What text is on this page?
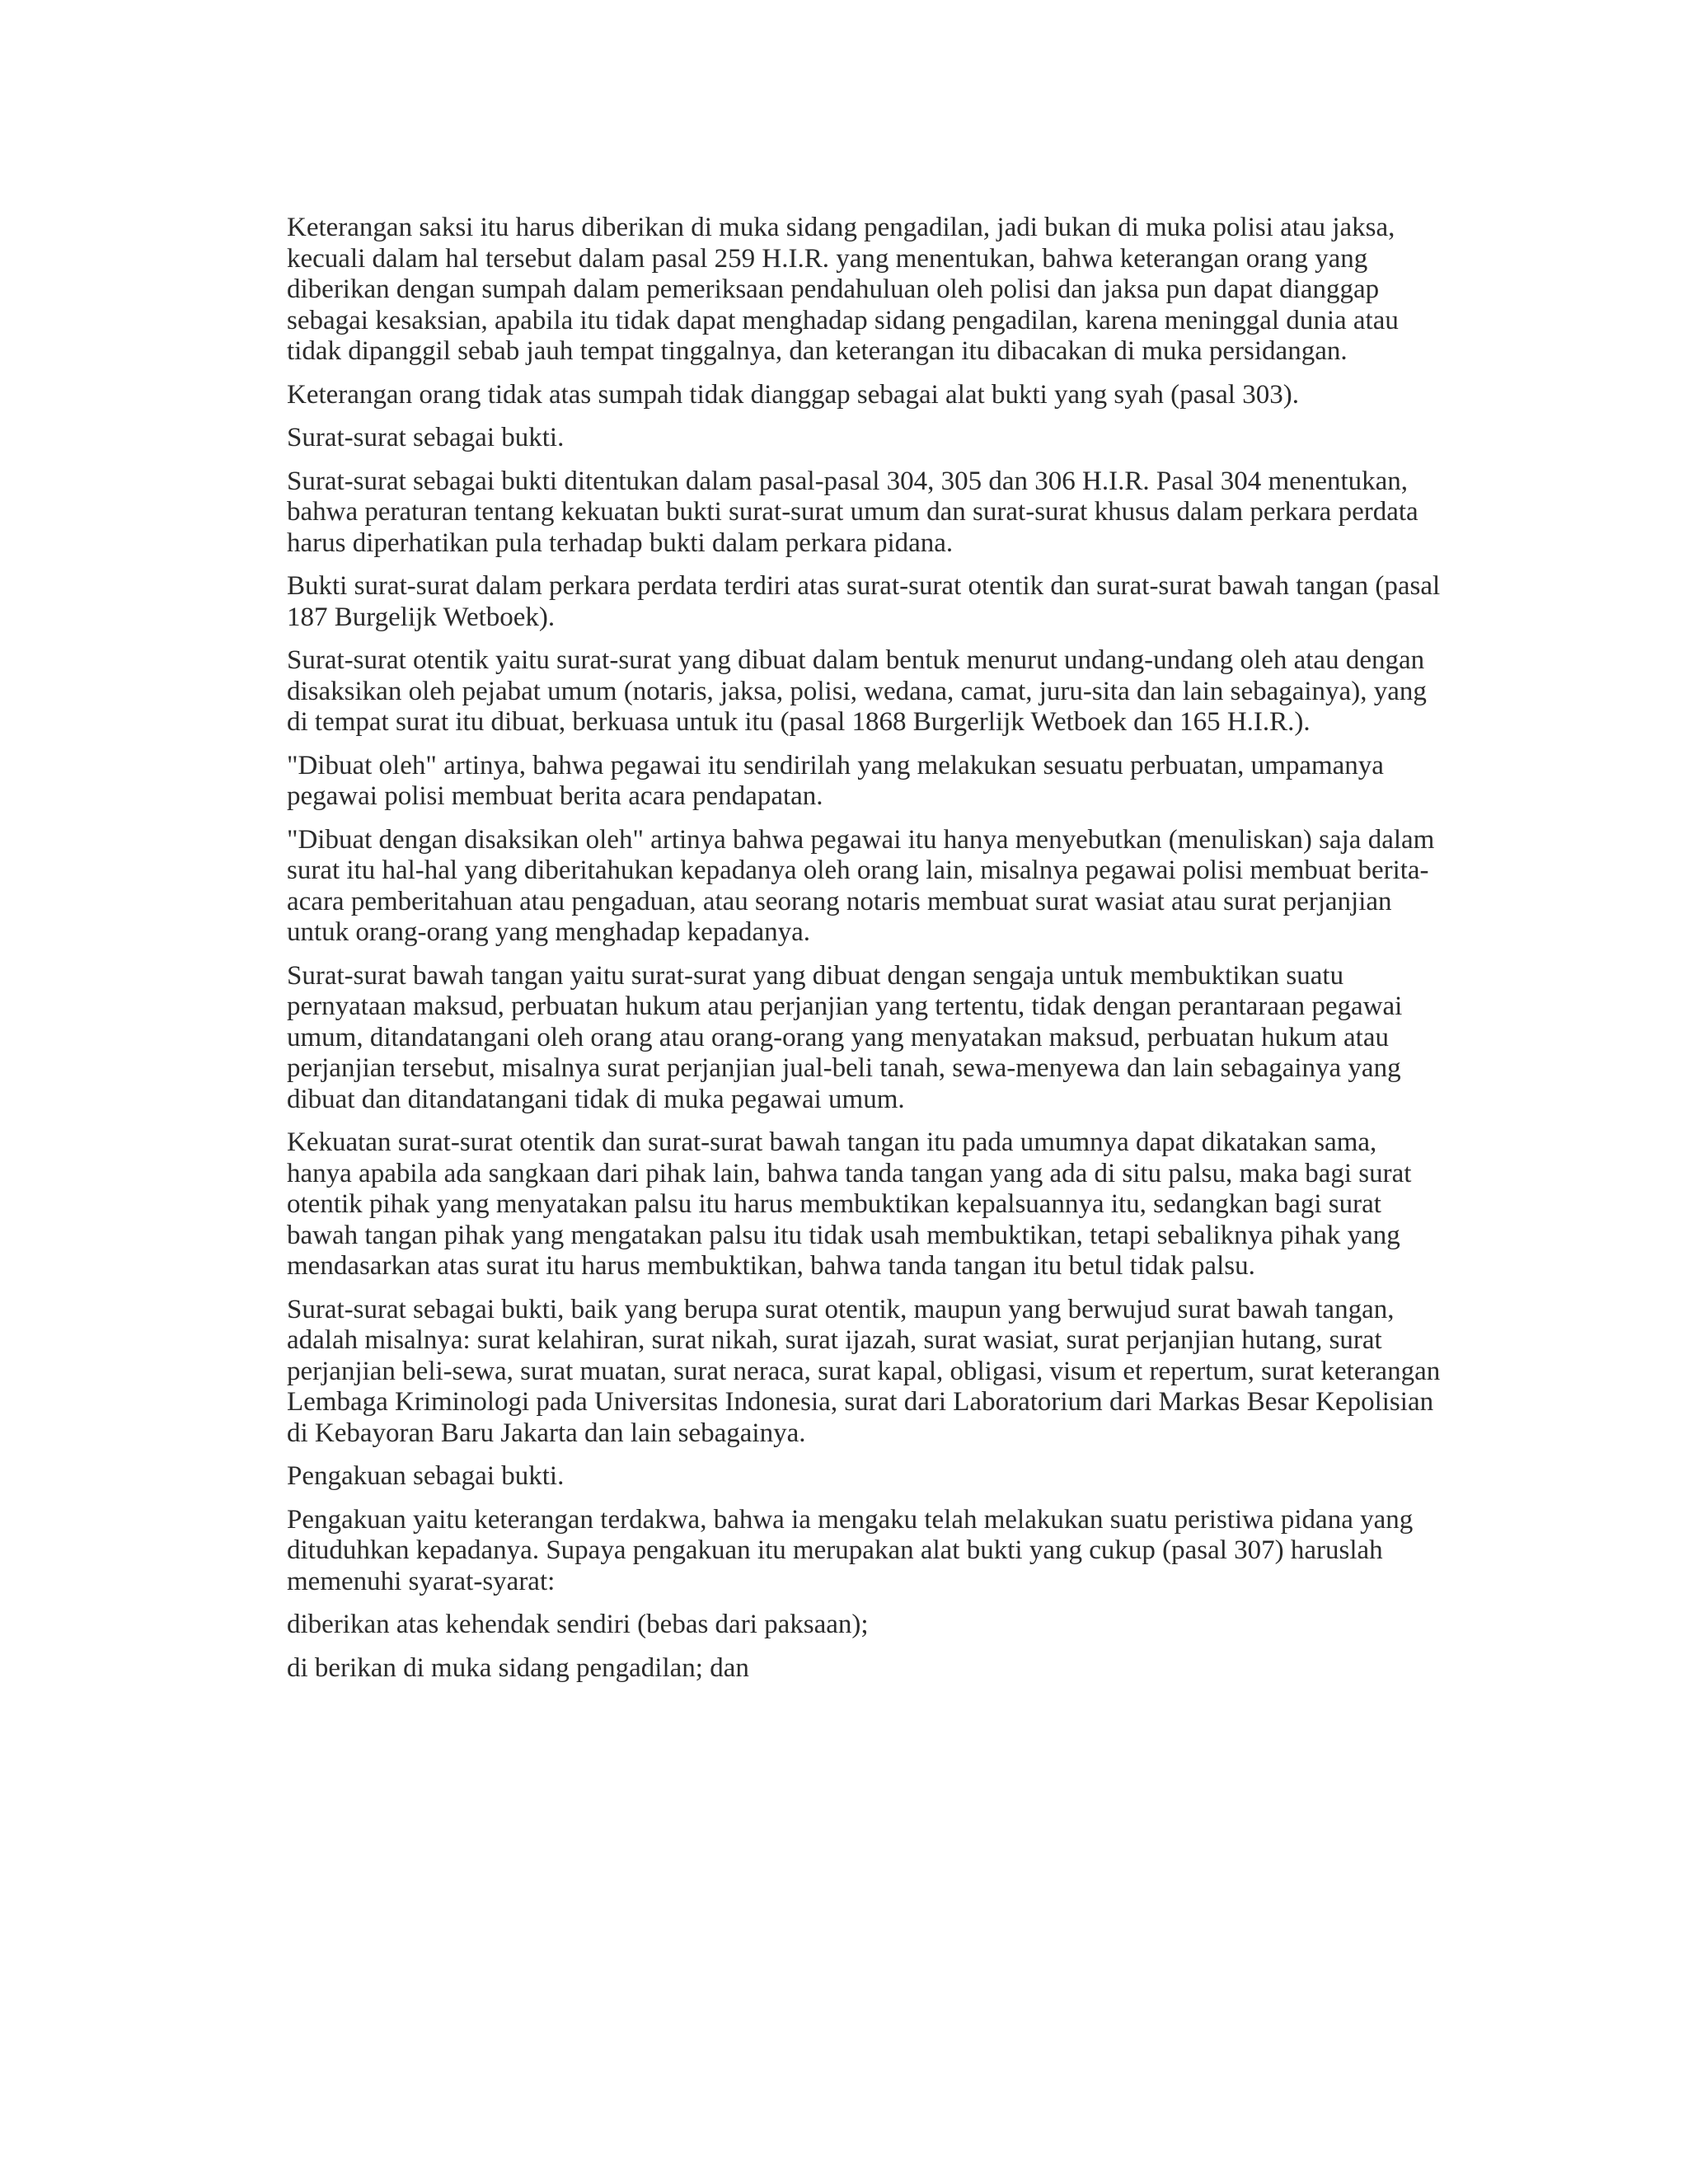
Keterangan saksi itu harus diberikan di muka sidang pengadilan, jadi bukan di muka polisi atau jaksa, kecuali dalam hal tersebut dalam pasal 259 H.I.R. yang menentukan, bahwa keterangan orang yang diberikan dengan sumpah dalam pemeriksaan pendahuluan oleh polisi dan jaksa pun dapat dianggap sebagai kesaksian, apabila itu tidak dapat menghadap sidang pengadilan, karena meninggal dunia atau tidak dipanggil sebab jauh tempat tinggalnya, dan keterangan itu dibacakan di muka persidangan.

Keterangan orang tidak atas sumpah tidak dianggap sebagai alat bukti yang syah (pasal 303).

Surat-surat sebagai bukti.

Surat-surat sebagai bukti ditentukan dalam pasal-pasal 304, 305 dan 306 H.I.R. Pasal 304 menentukan, bahwa peraturan tentang kekuatan bukti surat-surat umum dan surat-surat khusus dalam perkara perdata harus diperhatikan pula terhadap bukti dalam perkara pidana.

Bukti surat-surat dalam perkara perdata terdiri atas surat-surat otentik dan surat-surat bawah tangan (pasal 187 Burgelijk Wetboek).

Surat-surat otentik yaitu surat-surat yang dibuat dalam bentuk menurut undang-undang oleh atau dengan disaksikan oleh pejabat umum (notaris, jaksa, polisi, wedana, camat, juru-sita dan lain sebagainya), yang di tempat surat itu dibuat, berkuasa untuk itu (pasal 1868 Burgerlijk Wetboek dan 165 H.I.R.).

"Dibuat oleh" artinya, bahwa pegawai itu sendirilah yang melakukan sesuatu perbuatan, umpamanya pegawai polisi membuat berita acara pendapatan.

"Dibuat dengan disaksikan oleh" artinya bahwa pegawai itu hanya menyebutkan (menuliskan) saja dalam surat itu hal-hal yang diberitahukan kepadanya oleh orang lain, misalnya pegawai polisi membuat berita-acara pemberitahuan atau pengaduan, atau seorang notaris membuat surat wasiat atau surat perjanjian untuk orang-orang yang menghadap kepadanya.

Surat-surat bawah tangan yaitu surat-surat yang dibuat dengan sengaja untuk membuktikan suatu pernyataan maksud, perbuatan hukum atau perjanjian yang tertentu, tidak dengan perantaraan pegawai umum, ditandatangani oleh orang atau orang-orang yang menyatakan maksud, perbuatan hukum atau perjanjian tersebut, misalnya surat perjanjian jual-beli tanah, sewa-menyewa dan lain sebagainya yang dibuat dan ditandatangani tidak di muka pegawai umum.

Kekuatan surat-surat otentik dan surat-surat bawah tangan itu pada umumnya dapat dikatakan sama, hanya apabila ada sangkaan dari pihak lain, bahwa tanda tangan yang ada di situ palsu, maka bagi surat otentik pihak yang menyatakan palsu itu harus membuktikan kepalsuannya itu, sedangkan bagi surat bawah tangan pihak yang mengatakan palsu itu tidak usah membuktikan, tetapi sebaliknya pihak yang mendasarkan atas surat itu harus membuktikan, bahwa tanda tangan itu betul tidak palsu.

Surat-surat sebagai bukti, baik yang berupa surat otentik, maupun yang berwujud surat bawah tangan, adalah misalnya: surat kelahiran, surat nikah, surat ijazah, surat wasiat, surat perjanjian hutang, surat perjanjian beli-sewa, surat muatan, surat neraca, surat kapal, obligasi, visum et repertum, surat keterangan Lembaga Kriminologi pada Universitas Indonesia, surat dari Laboratorium dari Markas Besar Kepolisian di Kebayoran Baru Jakarta dan lain sebagainya.

Pengakuan sebagai bukti.

Pengakuan yaitu keterangan terdakwa, bahwa ia mengaku telah melakukan suatu peristiwa pidana yang dituduhkan kepadanya. Supaya pengakuan itu merupakan alat bukti yang cukup (pasal 307) haruslah memenuhi syarat-syarat:

diberikan atas kehendak sendiri (bebas dari paksaan);

di berikan di muka sidang pengadilan; dan
